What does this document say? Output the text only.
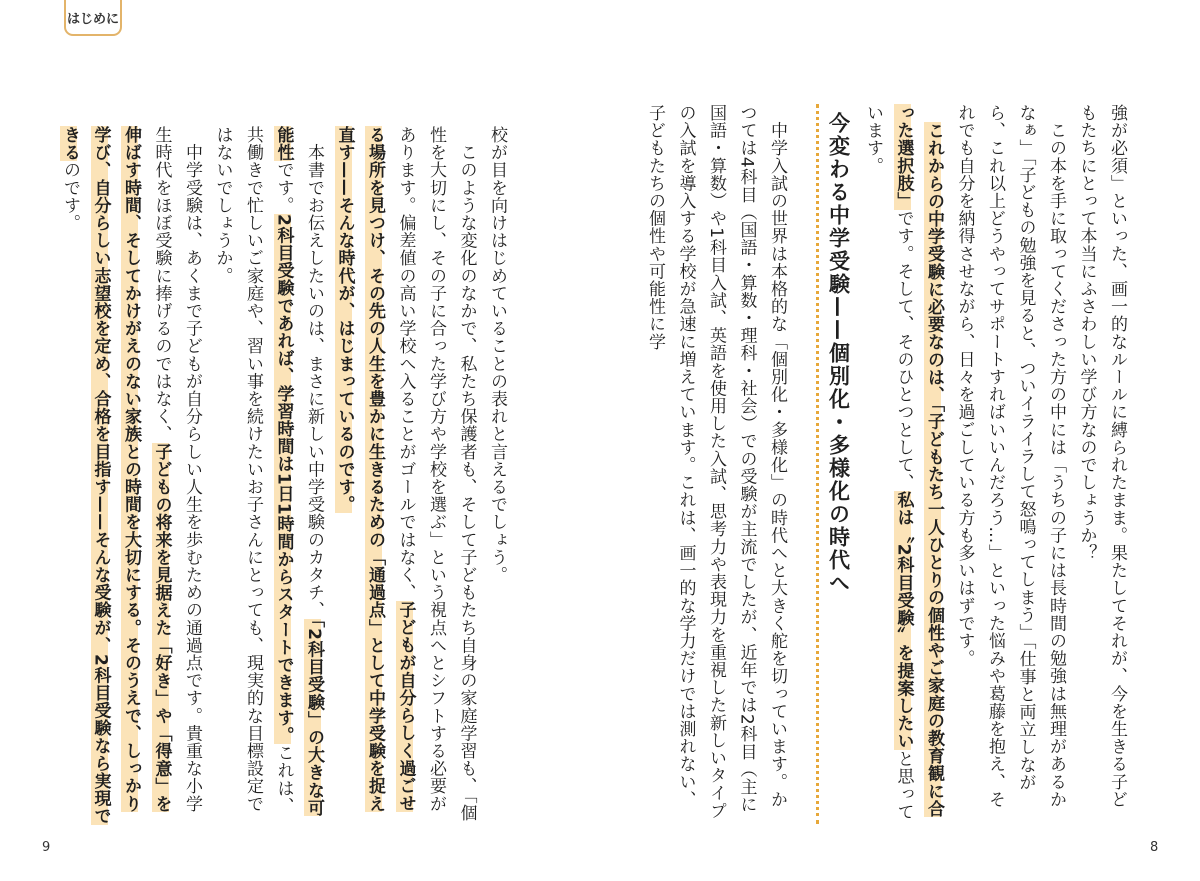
はじめに

強が必須」といった、画一的なルールに縛られたまま。果たしてそれが、今を生きる子どもたちにとって本当にふさわしい学び方なのでしょうか？

　この本を手に取ってくださった方の中には「うちの子には長時間の勉強は無理があるかなぁ」「子どもの勉強を見ると、ついイライラして怒鳴ってしまう」「仕事と両立しながら、これ以上どうやってサポートすればいいんだろう…」といった悩みや葛藤を抱え、それでも自分を納得させながら、日々を過ごしている方も多いはずです。

　これからの中学受験に必要なのは、「子どもたち一人ひとりの個性やご家庭の教育観に合った選択肢」です。そして、そのひとつとして、私は〝2科目受験〟を提案したいと思っています。

今変わる中学受験——個別化・多様化の時代へ

　中学入試の世界は本格的な「個別化・多様化」の時代へと大きく舵を切っています。かつては4科目（国語・算数・理科・社会）での受験が主流でしたが、近年では2科目（主に国語・算数）や1科目入試、英語を使用した入試、思考力や表現力を重視した新しいタイプの入試を導入する学校が急速に増えています。これは、画一的な学力だけでは測れない、子どもたちの個性や可能性に学

校が目を向けはじめていることの表れと言えるでしょう。

　このような変化のなかで、私たち保護者も、そして子どもたち自身の家庭学習も、「個性を大切にし、その子に合った学び方や学校を選ぶ」という視点へとシフトする必要があります。偏差値の高い学校へ入ることがゴールではなく、子どもが自分らしく過ごせる場所を見つけ、その先の人生を豊かに生きるための「通過点」として中学受験を捉え直す——そんな時代が、はじまっているのです。

　本書でお伝えしたいのは、まさに新しい中学受験のカタチ、「2科目受験」の大きな可能性です。2科目受験であれば、学習時間は1日1時間からスタートできます。これは、共働きで忙しいご家庭や、習い事を続けたいお子さんにとっても、現実的な目標設定ではないでしょうか。

　中学受験は、あくまで子どもが自分らしい人生を歩むための通過点です。貴重な小学生時代をほぼ受験に捧げるのではなく、子どもの将来を見据えた「好き」や「得意」を伸ばす時間、そしてかけがえのない家族との時間を大切にする。そのうえで、しっかり学び、自分らしい志望校を定め、合格を目指す——そんな受験が、2科目受験なら実現できるのです。

9	8
